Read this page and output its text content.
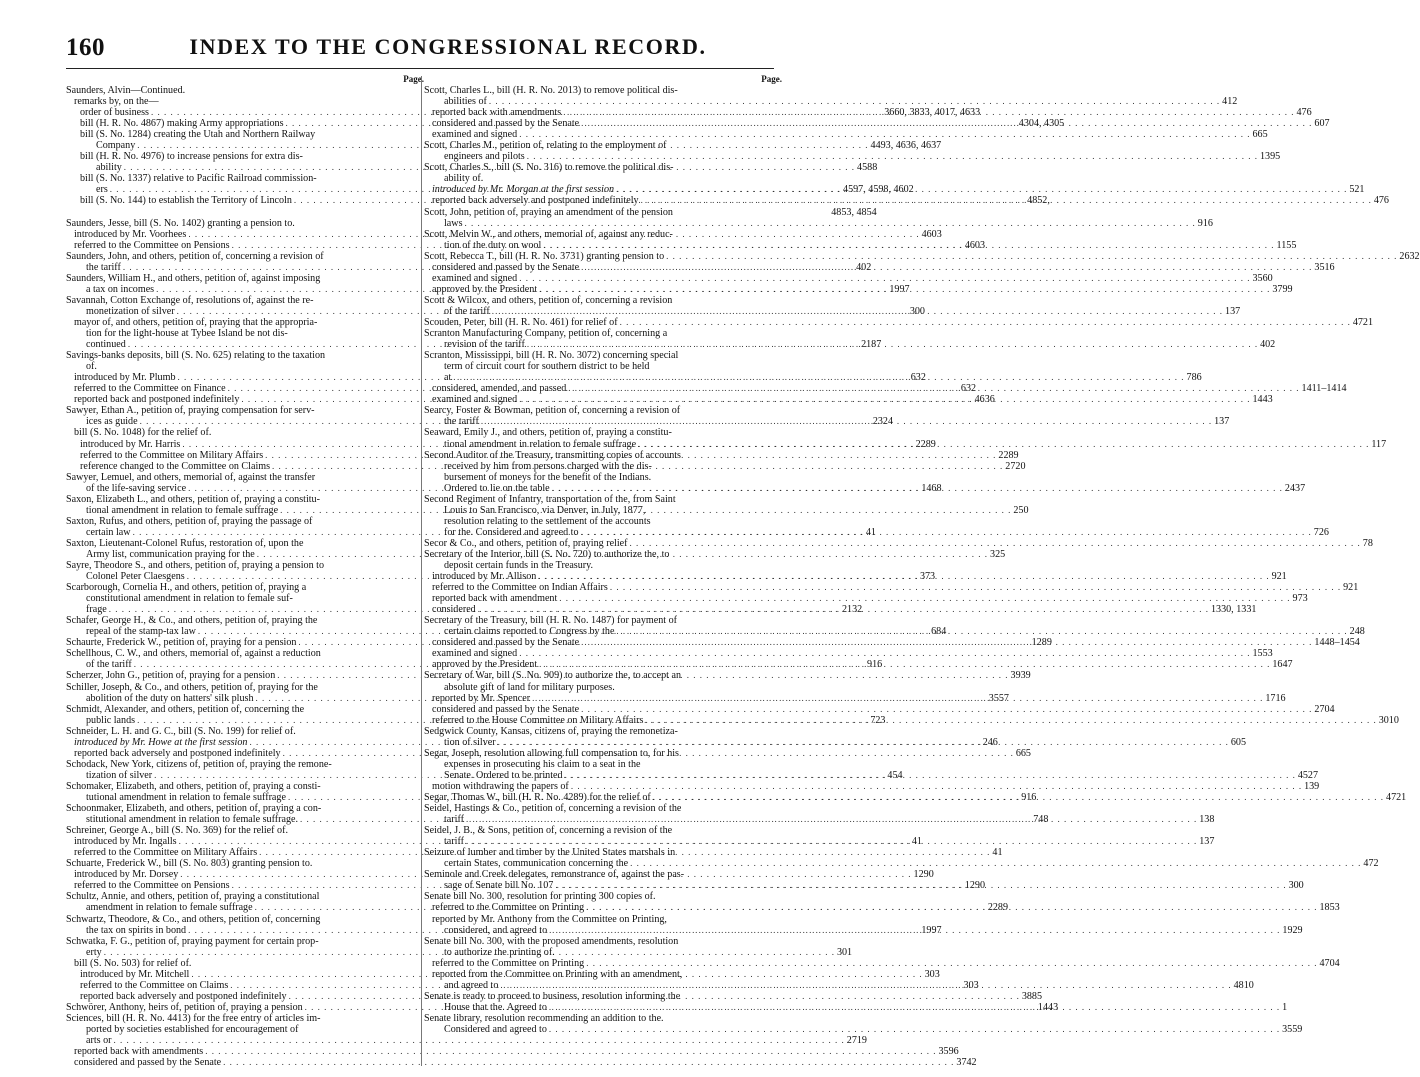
160	INDEX TO THE CONGRESSIONAL RECORD.
Page.
Saunders, Alvin—Continued.
remarks by, on the—
order of business . . .	3660, 3833, 4017, 4633
bill (H. R. No. 4867) making Army appropriations . . .	4304, 4305
bill (S. No. 1284) creating the Utah and Northern Railway
Company . . .	4493, 4636, 4637
bill (H. R. No. 4976) to increase pensions for extra dis-
ability . . .	4588
bill (S. No. 1337) relative to Pacific Railroad commission-
ers . . .	4597, 4598, 4602
bill (S. No. 144) to establish the Territory of Lincoln . . .	4852,
4853, 4854
Saunders, Jesse, bill (S. No. 1402) granting a pension to.
introduced by Mr. Voorhees . . .	4603
referred to the Committee on Pensions . . .	4603
Saunders, John, and others, petition of, concerning a revision of
the tariff . . .	402
Saunders, William H., and others, petition of, against imposing
a tax on incomes . . .	1997
Savannah, Cotton Exchange of, resolutions of, against the re-
monetization of silver . . .	300
mayor of, and others, petition of, praying that the appropria-
tion for the light-house at Tybee Island be not dis-
continued . . .	2187
Savings-banks deposits, bill (S. No. 625) relating to the taxation
of.
introduced by Mr. Plumb . . .	632
referred to the Committee on Finance . . .	632
reported back and postponed indefinitely . . .	4636
Sawyer, Ethan A., petition of, praying compensation for serv-
ices as guide . . .	2324
bill (S. No. 1048) for the relief of.
introduced by Mr. Harris . . .	2289
referred to the Committee on Military Affairs . . .	2289
reference changed to the Committee on Claims . . .	2720
Sawyer, Lemuel, and others, memorial of, against the transfer
of the life-saving service . . .	1468
Saxon, Elizabeth L., and others, petition of, praying a constitu-
tional amendment in relation to female suffrage . . .	250
Saxton, Rufus, and others, petition of, praying the passage of
certain law . . .	41
Saxton, Lieutenant-Colonel Rufus, restoration of, upon the
Army list, communication praying for the . . .	325
Sayre, Theodore S., and others, petition of, praying a pension to
Colonel Peter Claesgens . . .	373
Scarborough, Cornelia H., and others, petition of, praying a
constitutional amendment in relation to female suf-
frage . . .	2132
Schafer, George H., & Co., and others, petition of, praying the
repeal of the stamp-tax law . . .	684
Schaurte, Frederick W., petition of, praying for a pension . . .	1289
Schellhous, C. W., and others, memorial of, against a reduction
of the tariff . . .	916
Scherzer, John G., petition of, praying for a pension . . .	3939
Schiller, Joseph, & Co., and others, petition of, praying for the
abolition of the duty on hatters' silk plush . . .	3557
Schmidt, Alexander, and others, petition of, concerning the
public lands . . .	723
Schneider, L. H. and G. C., bill (S. No. 199) for relief of.
introduced by Mr. Howe at the first session . . .	246
reported back adversely and postponed indefinitely . . .	665
Schodack, New York, citizens of, petition of, praying the remone-
tization of silver . . .	454
Schomaker, Elizabeth, and others, petition of, praying a consti-
tutional amendment in relation to female suffrage . . .	916
Schoonmaker, Elizabeth, and others, petition of, praying a con-
stitutional amendment in relation to female suffrage. . . .	748
Schreiner, George A., bill (S. No. 369) for the relief of.
introduced by Mr. Ingalls . . .	41
referred to the Committee on Military Affairs . . .	41
Schuarte, Frederick W., bill (S. No. 803) granting pension to.
introduced by Mr. Dorsey . . .	1290
referred to the Committee on Pensions . . .	1290
Schultz, Annie, and others, petition of, praying a constitutional
amendment in relation to female suffrage . . .	2289
Schwartz, Theodore, & Co., and others, petition of, concerning
the tax on spirits in bond . . .	1997
Schwatka, F. G., petition of, praying payment for certain prop-
erty . . .	301
bill (S. No. 503) for relief of.
introduced by Mr. Mitchell . . .	303
referred to the Committee on Claims . . .	303
reported back adversely and postponed indefinitely . . .	3885
Schwörer, Anthony, heirs of, petition of, praying a pension . . .	1443
Sciences, bill (H. R. No. 4413) for the free entry of articles im-
ported by societies established for encouragement of
arts or . . .	2719
reported back with amendments . . .	3596
considered and passed by the Senate . . .	3742
Page.
Scott, Charles L., bill (H. R. No. 2013) to remove political dis-
abilities of . . .	412
reported back with amendments . . .	476
considered and passed by the Senate . . .	607
examined and signed . . .	665
Scott, Charles M., petition of, relating to the employment of
engineers and pilots . . .	1395
Scott, Charles S., bill (S. No. 316) to remove the political dis-
ability of.
introduced by Mr. Morgan at the first session . . .	521
reported back adversely and postponed indefinitely . . .	476
Scott, John, petition of, praying an amendment of the pension
laws . . .	916
Scott, Melvin W., and others, memorial of, against any reduc-
tion of the duty on wool . . .	1155
Scott, Rebecca T., bill (H. R. No. 3731) granting pension to . . .	2632
considered and passed by the Senate . . .	3516
examined and signed . . .	3560
approved by the President . . .	3799
Scott & Wilcox, and others, petition of, concerning a revision
of the tariff . . .	137
Scouden, Peter, bill (H. R. No. 461) for relief of . . .	4721
Scranton Manufacturing Company, petition of, concerning a
revision of the tariff . . .	402
Scranton, Mississippi, bill (H. R. No. 3072) concerning special
term of circuit court for southern district to be held
at . . .	786
considered, amended, and passed . . .	1411–1414
examined and signed . . .	1443
Searcy, Foster & Bowman, petition of, concerning a revision of
the tariff . . .	137
Seaward, Emily J., and others, petition of, praying a constitu-
tional amendment in relation to female suffrage . . .	117
Second Auditor of the Treasury, transmitting copies of accounts
received by him from persons charged with the dis-
bursement of moneys for the benefit of the Indians.
Ordered to lie on the table . . .	2437
Second Regiment of Infantry, transportation of the, from Saint
Louis to San Francisco, via Denver, in July, 1877,
resolution relating to the settlement of the accounts
for the. Considered and agreed to . . .	726
Secor & Co., and others, petition of, praying relief . . .	78
Secretary of the Interior, bill (S. No. 720) to authorize the, to
deposit certain funds in the Treasury.
introduced by Mr. Allison . . .	921
referred to the Committee on Indian Affairs . . .	921
reported back with amendment . . .	973
considered . . .	1330, 1331
Secretary of the Treasury, bill (H. R. No. 1487) for payment of
certain claims reported to Congress by the . . .	248
considered and passed by the Senate . . .	1448–1454
examined and signed . . .	1553
approved by the President . . .	1647
Secretary of War, bill (S. No. 909) to authorize the, to accept an
absolute gift of land for military purposes.
reported by Mr. Spencer . . .	1716
considered and passed by the Senate . . .	2704
referred to the House Committee on Military Affairs . . .	3010
Sedgwick County, Kansas, citizens of, praying the remonetiza-
tion of silver . . .	605
Segar, Joseph, resolution allowing full compensation to, for his
expenses in prosecuting his claim to a seat in the
Senate. Ordered to be printed . . .	4527
motion withdrawing the papers of . . .	139
Segar, Thomas W., bill (H. R. No. 4289) for the relief of . . .	4721
Seidel, Hastings & Co., petition of, concerning a revision of the
tariff . . .	138
Seidel, J. B., & Sons, petition of, concerning a revision of the
tariff . . .	137
Seizure of lumber and timber by the United States marshals in
certain States, communication concerning the . . .	472
Seminole and Creek delegates, remonstrance of, against the pas-
sage of Senate bill No. 107 . . .	300
Senate bill No. 300, resolution for printing 300 copies of.
referred to the Committee on Printing . . .	1853
reported by Mr. Anthony from the Committee on Printing,
considered, and agreed to . . .	1929
Senate bill No. 300, with the proposed amendments, resolution
to authorize the printing of.
referred to the Committee on Printing . . .	4704
reported from the Committee on Printing with an amendment,
and agreed to . . .	4810
Senate is ready to proceed to business, resolution informing the
House that the. Agreed to . . .	1
Senate library, resolution recommending an addition to the.
Considered and agreed to . . .	3559
